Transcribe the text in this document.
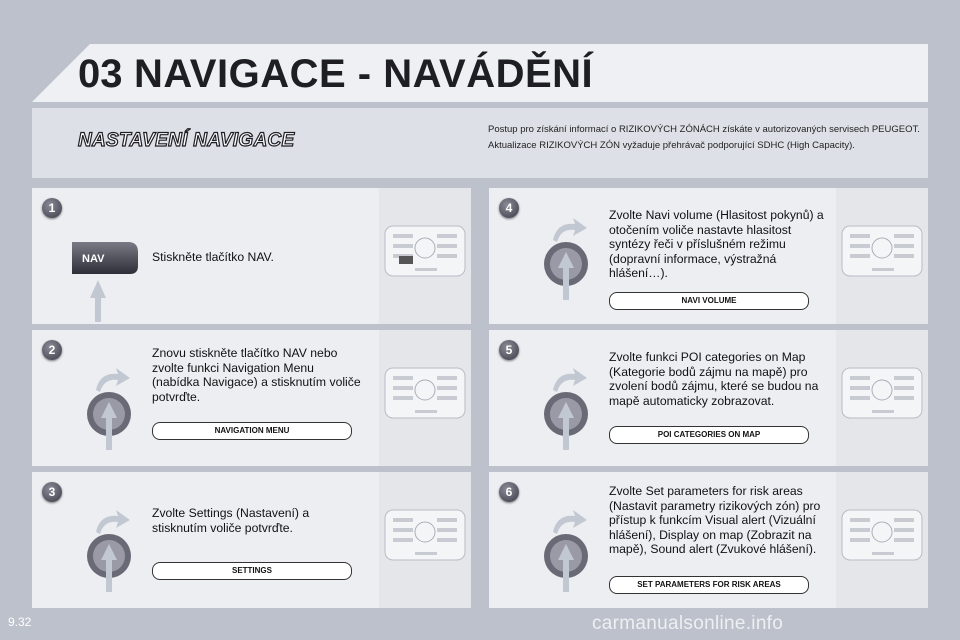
03 NAVIGACE - NAVÁDĚNÍ
NASTAVENÍ NAVIGACE
Postup pro získání informací o RIZIKOVÝCH ZÓNÁCH získáte v autorizovaných servisech PEUGEOT.
Aktualizace RIZIKOVÝCH ZÓN vyžaduje přehrávač podporující SDHC (High Capacity).
1
NAV	Stiskněte tlačítko NAV.
2	Znovu stiskněte tlačítko NAV nebo zvolte funkci Navigation Menu (nabídka Navigace) a stisknutím voliče potvrďte.
NAVIGATION MENU
3
Zvolte Settings (Nastavení) a stisknutím voliče potvrďte.
SETTINGS
4	Zvolte Navi volume (Hlasitost pokynů) a otočením voliče nastavte hlasitost syntézy řeči v příslušném režimu (dopravní informace, výstražná hlášení…).
NAVI VOLUME
5	Zvolte funkci POI categories on Map (Kategorie bodů zájmu na mapě) pro zvolení bodů zájmu, které se budou na mapě automaticky zobrazovat.
POI CATEGORIES ON MAP
6	Zvolte Set parameters for risk areas (Nastavit parametry rizikových zón) pro přístup k funkcím Visual alert (Vizuální hlášení), Display on map (Zobrazit na mapě), Sound alert (Zvukové hlášení).
SET PARAMETERS FOR RISK AREAS
9.32	carmanualsonline.info
